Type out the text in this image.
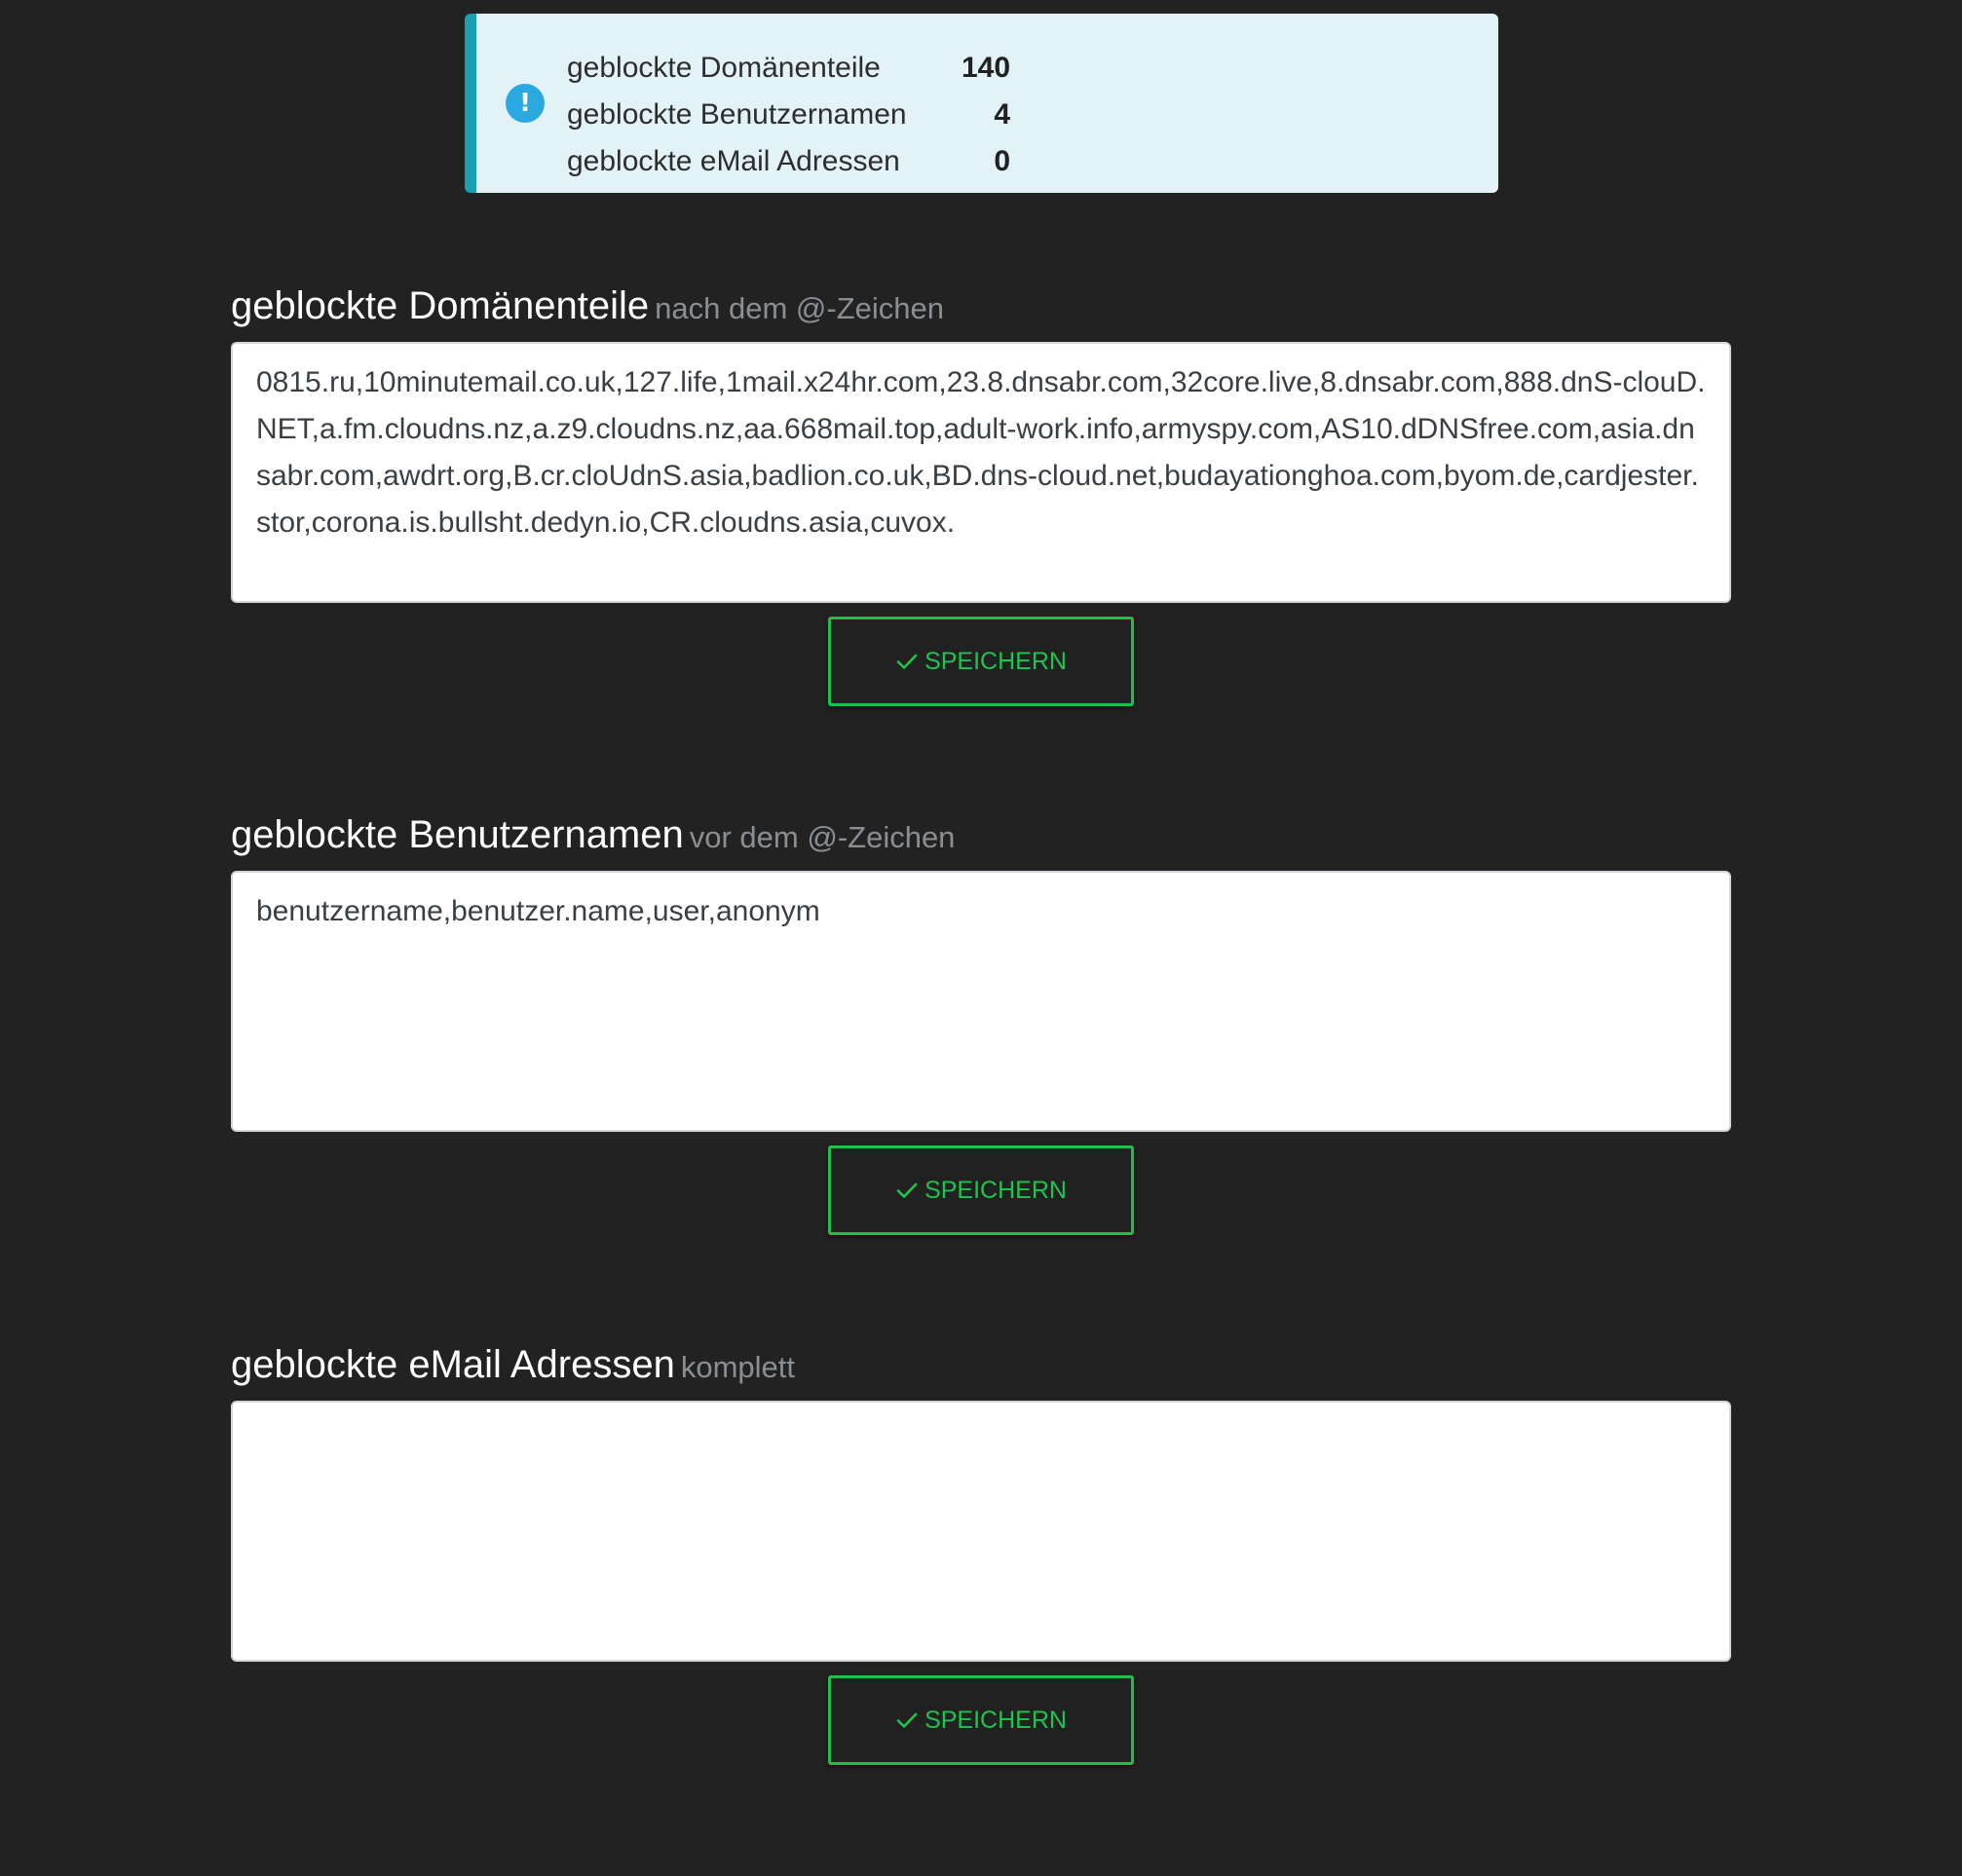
!
geblockte Domänenteile	140
geblockte Benutzernamen	4
geblockte eMail Adressen	0
geblockte Domänenteile nach dem @-Zeichen
0815.ru,10minutemail.co.uk,127.life,1mail.x24hr.com,23.8.dnsabr.com,32core.live,8.dnsabr.com,888.dnS-clouD.NET,a.fm.cloudns.nz,a.z9.cloudns.nz,aa.668mail.top,adult-work.info,armyspy.com,AS10.dDNSfree.com,asia.dnsabr.com,awdrt.org,B.cr.cloUdnS.asia,badlion.co.uk,BD.dns-cloud.net,budayationghoa.com,byom.de,cardjester.stor,corona.is.bullsht.dedyn.io,CR.cloudns.asia,cuvox.
SPEICHERN
geblockte Benutzernamen vor dem @-Zeichen
benutzername,benutzer.name,user,anonym
SPEICHERN
geblockte eMail Adressen komplett
SPEICHERN
